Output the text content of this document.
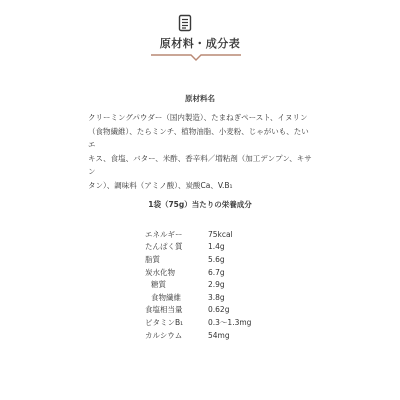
原材料・成分表
原材料名
クリーミングパウダー（国内製造）、たまねぎペースト、イヌリン
（食物繊維）、たらミンチ、植物油脂、小麦粉、じゃがいも、たいエ
キス、食塩、バター、米酢、香辛料／増粘剤（加工デンプン、キサン
タン）、調味料（アミノ酸）、炭酸Ca、V.B₁
1袋（75g）当たりの栄養成分
エネルギー	75kcal
たんぱく質	1.4g
脂質	5.6g
炭水化物	6.7g
糖質	2.9g
食物繊維	3.8g
食塩相当量	0.62g
ビタミンB₁	0.3〜1.3mg
カルシウム	54mg
